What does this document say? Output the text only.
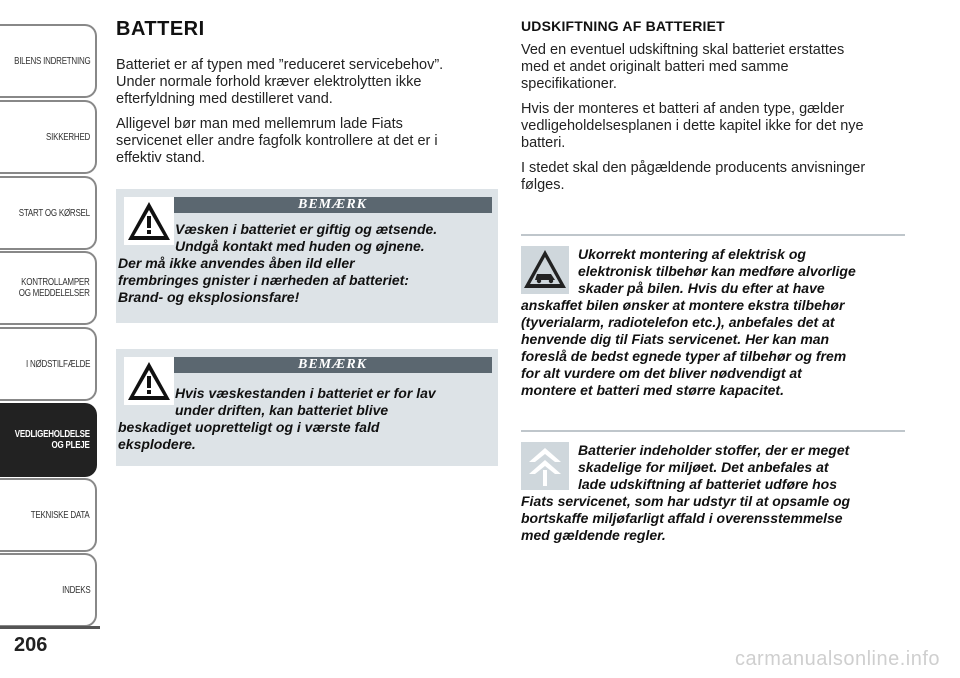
BILENS INDRETNING
SIKKERHED
START OG KØRSEL
KONTROLLAMPER
OG MEDDELELSER
I NØDSTILFÆLDE
VEDLIGEHOLDELSE
OG PLEJE
TEKNISKE DATA
INDEKS
206
BATTERI

Batteriet er af typen med ”reduceret servicebehov”.
Under normale forhold kræver elektrolytten ikke
efterfyldning med destilleret vand.

Alligevel bør man med mellemrum lade Fiats
servicenet eller andre fagfolk kontrollere at det er i
effektiv stand.

BEMÆRK
Væsken i batteriet er giftig og ætsende.
Undgå kontakt med huden og øjnene.
Der må ikke anvendes åben ild eller
frembringes gnister i nærheden af batteriet:
Brand- og eksplosionsfare!
BEMÆRK
Hvis væskestanden i batteriet er for lav
under driften, kan batteriet blive
beskadiget uopretteligt og i værste fald
eksplodere.
UDSKIFTNING AF BATTERIET

Ved en eventuel udskiftning skal batteriet erstattes
med et andet originalt batteri med samme
specifikationer.

Hvis der monteres et batteri af anden type, gælder
vedligeholdelsesplanen i dette kapitel ikke for det nye
batteri.

I stedet skal den pågældende producents anvisninger
følges.

Ukorrekt montering af elektrisk og
elektronisk tilbehør kan medføre alvorlige
skader på bilen. Hvis du efter at have
anskaffet bilen ønsker at montere ekstra tilbehør
(tyverialarm, radiotelefon etc.), anbefales det at
henvende dig til Fiats servicenet. Her kan man
foreslå de bedst egnede typer af tilbehør og frem
for alt vurdere om det bliver nødvendigt at
montere et batteri med større kapacitet.
Batterier indeholder stoffer, der er meget
skadelige for miljøet. Det anbefales at
lade udskiftning af batteriet udføre hos
Fiats servicenet, som har udstyr til at opsamle og
bortskaffe miljøfarligt affald i overensstemmelse
med gældende regler.
carmanualsonline.info
